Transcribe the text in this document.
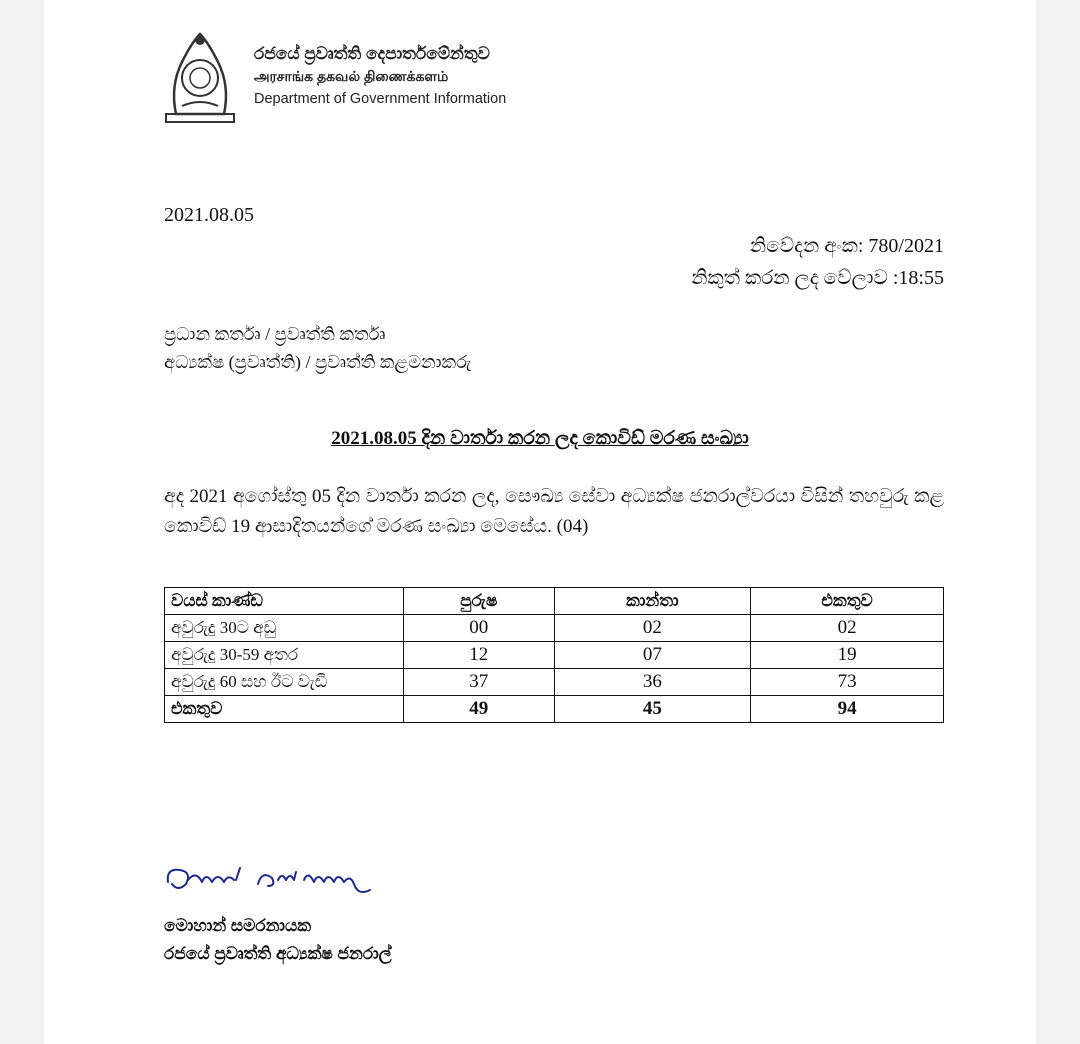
රජයේ ප්‍රවෘත්ති දෙපාර්තමේන්තුව
அரசாங்க தகவல் திணைக்களம்
Department of Government Information
2021.08.05
නිවේදන අංක: 780/2021
නිකුත් කරන ලද වේලාව :18:55
ප්‍රධාන කර්තෘ / ප්‍රවෘත්ති කර්තෘ
අධ්‍යක්ෂ (ප්‍රවෘත්ති) / ප්‍රවෘත්ති කළමනාකරු
2021.08.05 දින වාර්තා කරන ලද කොවිඩ් මරණ සංඛ්‍යා
අද 2021 අගෝස්තු 05 දින වාර්තා කරන ලද, සෞඛ්‍ය සේවා අධ්‍යක්ෂ ජනරාල්වරයා විසින් තහවුරු කළ කොවිඩ් 19 ආසාදිතයන්ගේ මරණ සංඛ්‍යා මෙසේය. (04)
වයස් කාණ්ඩ	පුරුෂ	කාන්තා	එකතුව
අවුරුදු 30ට අඩු	00	02	02
අවුරුදු 30-59 අතර	12	07	19
අවුරුදු 60 සහ ඊට වැඩි	37	36	73
එකතුව	49	45	94
මොහාන් සමරනායක
රජයේ ප්‍රවෘත්ති අධ්‍යක්ෂ ජනරාල්
